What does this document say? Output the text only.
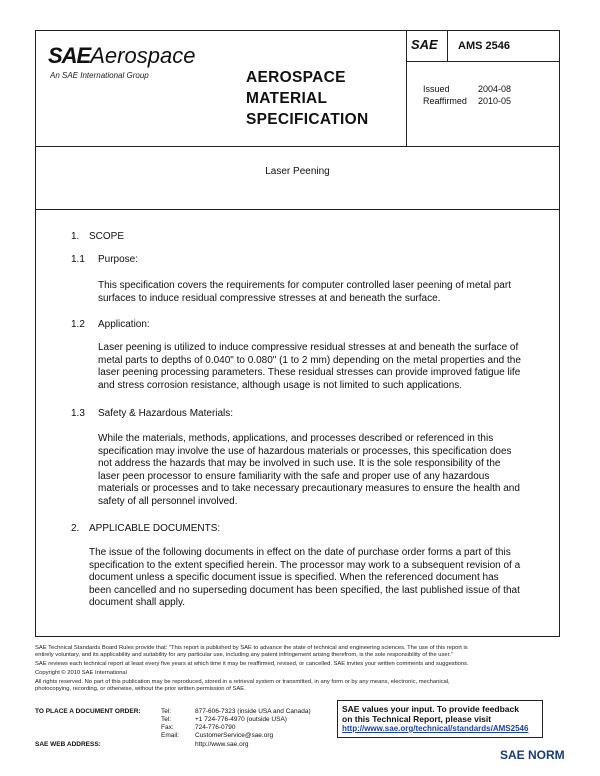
SAEAerospace
An SAE International Group	AEROSPACE
MATERIAL
SPECIFICATION
SAE	AMS 2546
Issued	2004-08
Reaffirmed 2010-05
Laser Peening
1. SCOPE
1.1 Purpose:
This specification covers the requirements for computer controlled laser peening of metal part
surfaces to induce residual compressive stresses at and beneath the surface.
1.2 Application:
Laser peening is utilized to induce compressive residual stresses at and beneath the surface of
metal parts to depths of 0.040" to 0.080" (1 to 2 mm) depending on the metal properties and the
laser peening processing parameters. These residual stresses can provide improved fatigue life
and stress corrosion resistance, although usage is not limited to such applications.
1.3 Safety & Hazardous Materials:
While the materials, methods, applications, and processes described or referenced in this
specification may involve the use of hazardous materials or processes, this specification does
not address the hazards that may be involved in such use. It is the sole responsibility of the
laser peen processor to ensure familiarity with the safe and proper use of any hazardous
materials or processes and to take necessary precautionary measures to ensure the health and
safety of all personnel involved.
2. APPLICABLE DOCUMENTS:
The issue of the following documents in effect on the date of purchase order forms a part of this
specification to the extent specified herein. The processor may work to a subsequent revision of a
document unless a specific document issue is specified. When the referenced document has
been cancelled and no superseding document has been specified, the last published issue of that
document shall apply.
SAE Technical Standards Board Rules provide that: "This report is published by SAE to advance the state of technical and engineering sciences. The use of this report is
entirely voluntary, and its applicability and suitability for any particular use, including any patent infringement arising therefrom, is the sole responsibility of the user."
SAE reviews each technical report at least every five years at which time it may be reaffirmed, revised, or cancelled. SAE invites your written comments and suggestions.
Copyright © 2010 SAE International
All rights reserved. No part of this publication may be reproduced, stored in a retrieval system or transmitted, in any form or by any means, electronic, mechanical,
photocopying, recording, or otherwise, without the prior written permission of SAE.
TO PLACE A DOCUMENT ORDER:	Tel:	877-606-7323 (inside USA and Canada)
Tel:	+1 724-776-4970 (outside USA)
Fax:	724-776-0790
Email: CustomerService@sae.org
SAE WEB ADDRESS:	http://www.sae.org
SAE values your input. To provide feedback
on this Technical Report, please visit
http://www.sae.org/technical/standards/AMS2546
SAE NORM
